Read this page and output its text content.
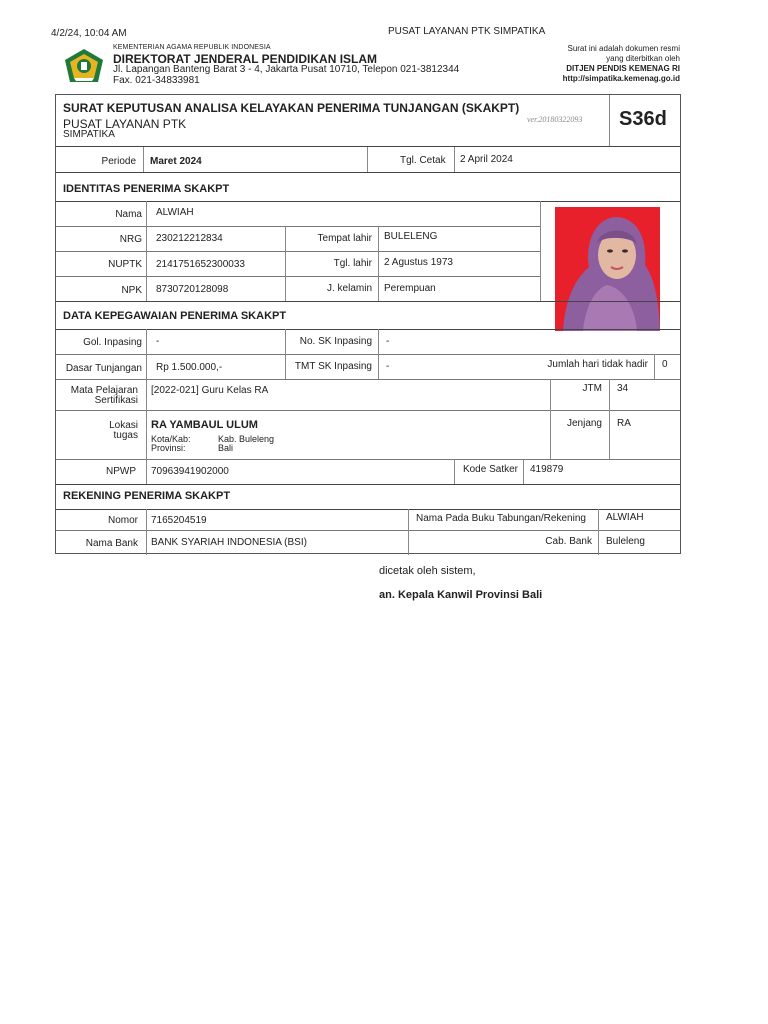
4/2/24, 10:04 AM	PUSAT LAYANAN PTK SIMPATIKA
KEMENTERIAN AGAMA REPUBLIK INDONESIA
DIREKTORAT JENDERAL PENDIDIKAN ISLAM
Jl. Lapangan Banteng Barat 3 - 4, Jakarta Pusat 10710, Telepon 021-3812344
Fax. 021-34833981
Surat ini adalah dokumen resmi
yang diterbitkan oleh
DITJEN PENDIS KEMENAG RI
http://simpatika.kemenag.go.id
SURAT KEPUTUSAN ANALISA KELAYAKAN PENERIMA TUNJANGAN (SKAKPT)
PUSAT LAYANAN PTK
SIMPATIKA
ver.20180322093 S36d
Periode Maret 2024	Tgl. Cetak 2 April 2024
IDENTITAS PENERIMA SKAKPT
Nama ALWIAH
NRG 230212212834	Tempat lahir BULELENG
NUPTK 2141751652300033	Tgl. lahir 2 Agustus 1973
NPK 8730720128098	J. kelamin Perempuan
DATA KEPEGAWAIAN PENERIMA SKAKPT
Gol. Inpasing -	No. SK Inpasing -
Dasar Tunjangan Rp 1.500.000,-	TMT SK Inpasing -	Jumlah hari tidak hadir 0
Mata Pelajaran
Sertifikasi
[2022-021] Guru Kelas RA	JTM 34
Lokasi
tugas
RA YAMBAUL ULUM
Kota/Kab:	Kab. Buleleng
Provinsi:	Bali
Jenjang RA
NPWP 70963941902000	Kode Satker 419879
REKENING PENERIMA SKAKPT
Nomor 7165204519	Nama Pada Buku Tabungan/Rekening ALWIAH
Nama Bank BANK SYARIAH INDONESIA (BSI)	Cab. Bank Buleleng
dicetak oleh sistem,
an. Kepala Kanwil Provinsi Bali
